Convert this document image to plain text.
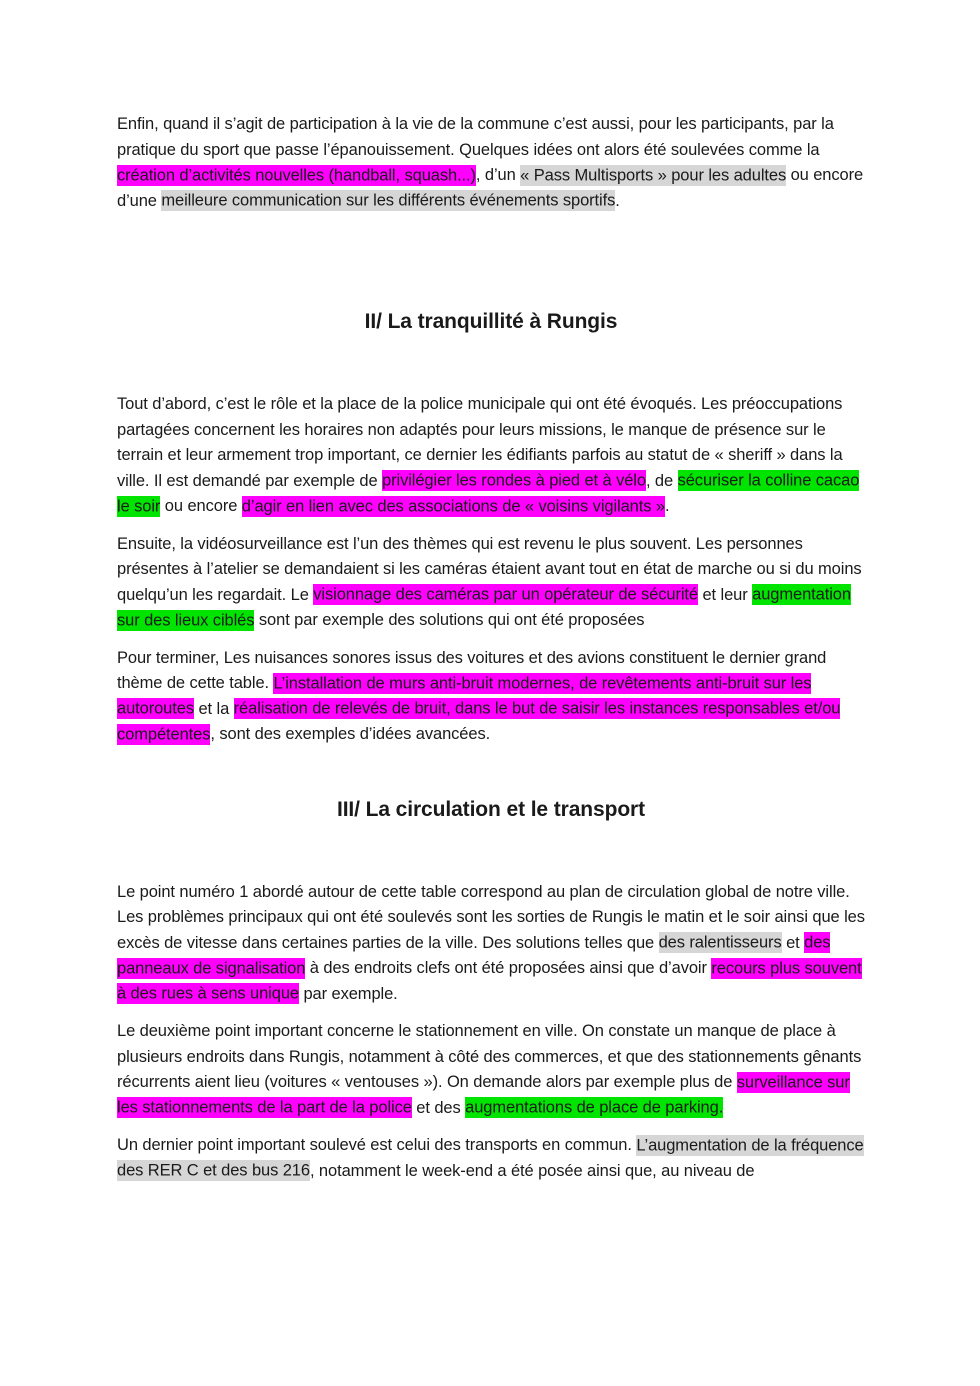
Enfin, quand il s’agit de participation à la vie de la commune c’est aussi, pour les participants, par la pratique du sport que passe l’épanouissement. Quelques idées ont alors été soulevées comme la création d’activités nouvelles (handball, squash...), d’un « Pass Multisports » pour les adultes ou encore d’une meilleure communication sur les différents événements sportifs.

II/ La tranquillité à Rungis

Tout d’abord, c’est le rôle et la place de la police municipale qui ont été évoqués. Les préoccupations partagées concernent les horaires non adaptés pour leurs missions, le manque de présence sur le terrain et leur armement trop important, ce dernier les édifiants parfois au statut de « sheriff » dans la ville. Il est demandé par exemple de privilégier les rondes à pied et à vélo, de sécuriser la colline cacao le soir ou encore d’agir en lien avec des associations de « voisins vigilants ».

Ensuite, la vidéosurveillance est l’un des thèmes qui est revenu le plus souvent. Les personnes présentes à l’atelier se demandaient si les caméras étaient avant tout en état de marche ou si du moins quelqu’un les regardait. Le visionnage des caméras par un opérateur de sécurité et leur augmentation sur des lieux ciblés sont par exemple des solutions qui ont été proposées

Pour terminer, Les nuisances sonores issus des voitures et des avions constituent le dernier grand thème de cette table. L’installation de murs anti-bruit modernes, de revêtements anti-bruit sur les autoroutes et la réalisation de relevés de bruit, dans le but de saisir les instances responsables et/ou compétentes, sont des exemples d’idées avancées.

III/ La circulation et le transport

Le point numéro 1 abordé autour de cette table correspond au plan de circulation global de notre ville. Les problèmes principaux qui ont été soulevés sont les sorties de Rungis le matin et le soir ainsi que les excès de vitesse dans certaines parties de la ville. Des solutions telles que des ralentisseurs et des panneaux de signalisation à des endroits clefs ont été proposées ainsi que d’avoir recours plus souvent à des rues à sens unique par exemple.

Le deuxième point important concerne le stationnement en ville. On constate un manque de place à plusieurs endroits dans Rungis, notamment à côté des commerces, et que des stationnements gênants récurrents aient lieu (voitures « ventouses »). On demande alors par exemple plus de surveillance sur les stationnements de la part de la police et des augmentations de place de parking.

Un dernier point important soulevé est celui des transports en commun. L’augmentation de la fréquence des RER C et des bus 216, notamment le week-end a été posée ainsi que, au niveau de
